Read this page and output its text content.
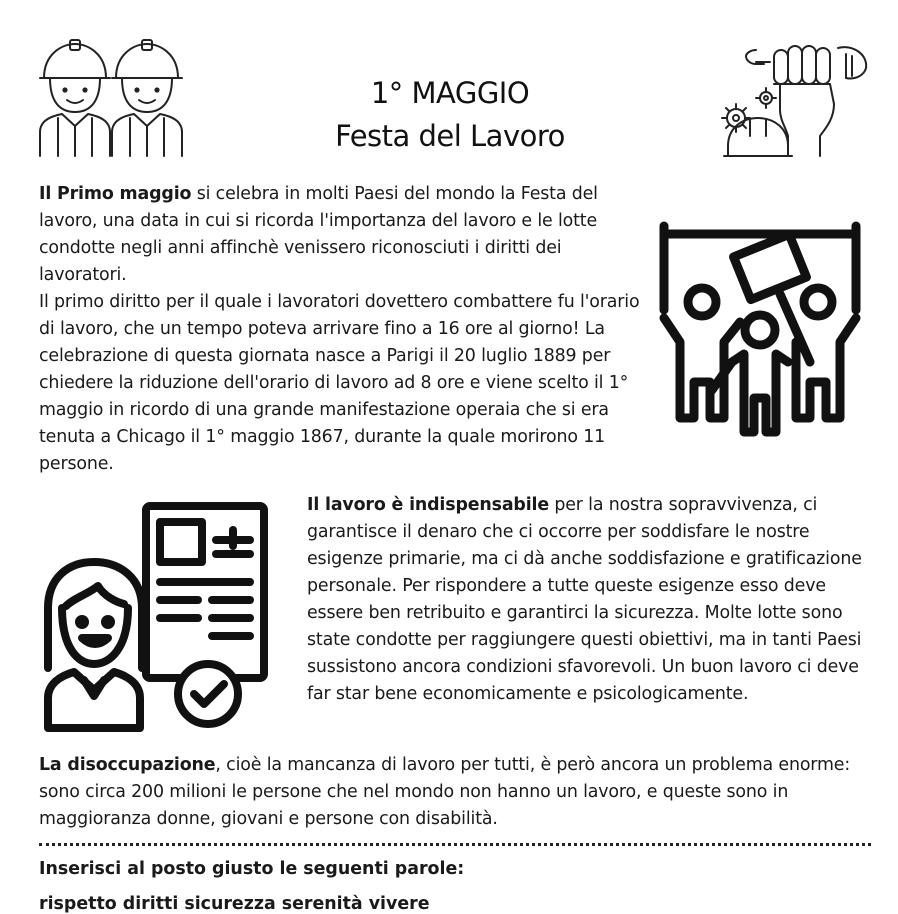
1° MAGGIO
Festa del Lavoro
Il Primo maggio si celebra in molti Paesi del mondo la Festa del lavoro, una data in cui si ricorda l'importanza del lavoro e le lotte condotte negli anni affinchè venissero riconosciuti i diritti dei lavoratori.
Il primo diritto per il quale i lavoratori dovettero combattere fu l'orario di lavoro, che un tempo poteva arrivare fino a 16 ore al giorno! La celebrazione di questa giornata nasce a Parigi il 20 luglio 1889 per chiedere la riduzione dell'orario di lavoro ad 8 ore e viene scelto il 1° maggio in ricordo di una grande manifestazione operaia che si era tenuta a Chicago il 1° maggio 1867, durante la quale morirono 11 persone.
Il lavoro è indispensabile per la nostra sopravvivenza, ci garantisce il denaro che ci occorre per soddisfare le nostre esigenze primarie, ma ci dà anche soddisfazione e gratificazione personale. Per rispondere a tutte queste esigenze esso deve essere ben retribuito e garantirci la sicurezza. Molte lotte sono state condotte per raggiungere questi obiettivi, ma in tanti Paesi sussistono ancora condizioni sfavorevoli. Un buon lavoro ci deve far star bene economicamente e psicologicamente.
La disoccupazione, cioè la mancanza di lavoro per tutti, è però ancora un problema enorme: sono circa 200 milioni le persone che nel mondo non hanno un lavoro, e queste sono in maggioranza donne, giovani e persone con disabilità.
Inserisci al posto giusto le seguenti parole:
rispetto diritti sicurezza serenità vivere
